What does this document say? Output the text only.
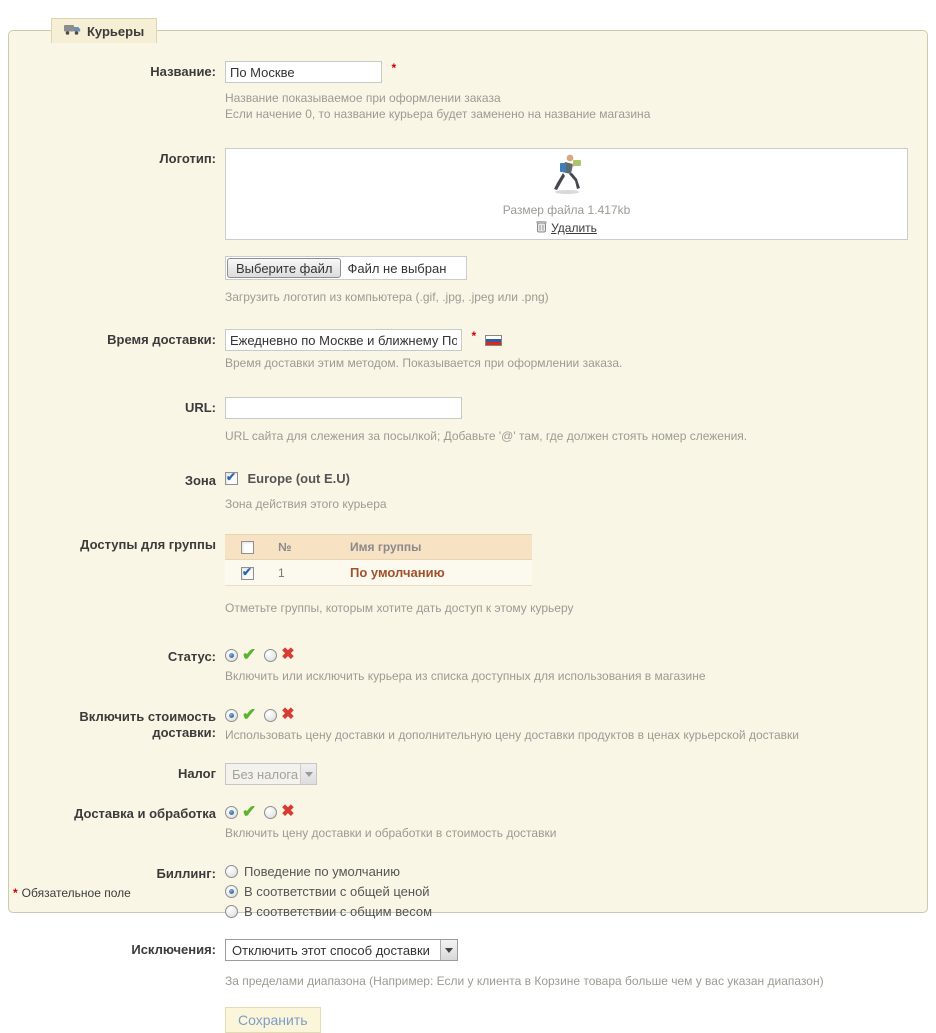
Курьеры
Название:
По Москве	*
Название показываемое при оформлении заказа
Если начение 0, то название курьера будет заменено на название магазина
Логотип:
Размер файла 1.417kb
Удалить
Выберите файл	Файл не выбран
Загрузить логотип из компьютера (.gif, .jpg, .jpeg или .png)
Время доставки:
Ежедневно по Москве и ближнему Подм	*
Время доставки этим методом. Показывается при оформлении заказа.
URL:
URL сайта для слежения за посылкой; Добавьте '@' там, где должен стоять номер слежения.
Зона ✔	Europe (out E.U)
Зона действия этого курьера
Доступы для группы
		№	Имя группы
✔	1	По умолчанию
Отметьте группы, которым хотите дать доступ к этому курьеру
Статус:	✔ ✖
Включить или исключить курьера из списка доступных для использования в магазине
Включить стоимость доставки:
✔ ✖
Использовать цену доставки и дополнительную цену доставки продуктов в ценах курьерской доставки
Налог	Без налога
Доставка и обработка	✔ ✖
Включить цену доставки и обработки в стоимость доставки
Биллинг:	Поведение по умолчанию
В соответствии с общей ценой
В соответствии с общим весом
Исключения:	Отключить этот способ доставки
За пределами диапазона (Например: Если у клиента в Корзине товара больше чем у вас указан диапазон)
Сохранить
* Обязательное поле
